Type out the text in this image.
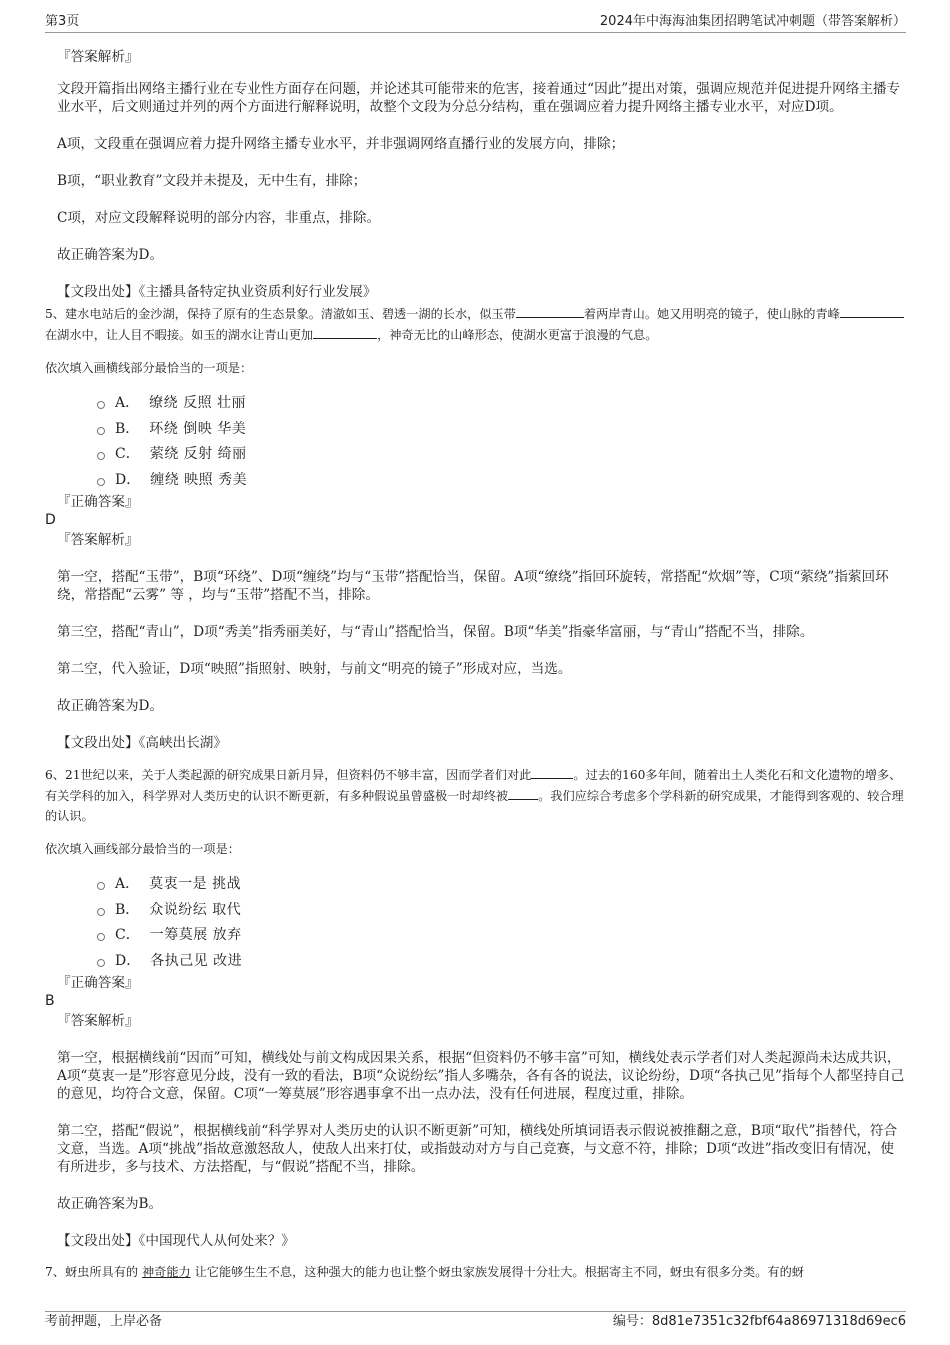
第3页	2024年中海海油集团招聘笔试冲刺题（带答案解析）

『答案解析』

文段开篇指出网络主播行业在专业性方面存在问题，并论述其可能带来的危害，接着通过“因此”提出对策，强调应规范并促进提升网络主播专业水平，后文则通过并列的两个方面进行解释说明，故整个文段为分总分结构，重在强调应着力提升网络主播专业水平，对应D项。

A项，文段重在强调应着力提升网络主播专业水平，并非强调网络直播行业的发展方向，排除；

B项，“职业教育”文段并未提及，无中生有，排除；

C项，对应文段解释说明的部分内容，非重点，排除。

故正确答案为D。

【文段出处】《主播具备特定执业资质利好行业发展》

5、建水电站后的金沙湖，保持了原有的生态景象。清澈如玉、碧透一湖的长水，似玉带	着两岸青山。她又用明亮的镜子，使山脉的青峰在湖水中，让人目不暇接。如玉的湖水让青山更加	，神奇无比的山峰形态，使湖水更富于浪漫的气息。
依次填入画横线部分最恰当的一项是：
A． 缭绕 反照 壮丽
B． 环绕 倒映 华美
C． 萦绕 反射 绮丽
D． 缠绕 映照 秀美

『正确答案』

D

『答案解析』

第一空，搭配“玉带”，B项“环绕”、D项“缠绕”均与“玉带”搭配恰当，保留。A项“缭绕”指回环旋转，常搭配“炊烟”等，C项“萦绕”指萦回环绕，常搭配“云雾” 等 ，均与“玉带”搭配不当，排除。

第三空，搭配“青山”，D项“秀美”指秀丽美好，与“青山”搭配恰当，保留。B项“华美”指豪华富丽，与“青山”搭配不当，排除。

第二空，代入验证，D项“映照”指照射、映射，与前文“明亮的镜子”形成对应，当选。

故正确答案为D。

【文段出处】《高峡出长湖》

6、21世纪以来，关于人类起源的研究成果日新月异，但资料仍不够丰富，因而学者们对此	。过去的160多年间，随着出土人类化石和文化遗物的增多、有关学科的加入，科学界对人类历史的认识不断更新，有多种假说虽曾盛极一时却终被 。我们应综合考虑多个学科新的研究成果，才能得到客观的、较合理的认识。
依次填入画线部分最恰当的一项是：
A． 莫衷一是 挑战
B． 众说纷纭 取代
C． 一筹莫展 放弃
D． 各执己见 改进

『正确答案』

B

『答案解析』

第一空，根据横线前“因而”可知，横线处与前文构成因果关系，根据“但资料仍不够丰富”可知，横线处表示学者们对人类起源尚未达成共识，A项“莫衷一是”形容意见分歧，没有一致的看法，B项“众说纷纭”指人多嘴杂，各有各的说法，议论纷纷，D项“各执己见”指每个人都坚持自己的意见，均符合文意，保留。C项“一筹莫展”形容遇事拿不出一点办法，没有任何进展，程度过重，排除。

第二空，搭配“假说”，根据横线前“科学界对人类历史的认识不断更新”可知，横线处所填词语表示假说被推翻之意，B项“取代”指替代，符合文意，当选。A项“挑战”指故意激怒敌人，使敌人出来打仗，或指鼓动对方与自己竞赛，与文意不符，排除；D项“改进”指改变旧有情况，使有所进步，多与技术、方法搭配，与“假说”搭配不当，排除。

故正确答案为B。

【文段出处】《中国现代人从何处来？》

7、蚜虫所具有的 神奇能力 让它能够生生不息，这种强大的能力也让整个蚜虫家族发展得十分壮大。根据寄主不同，蚜虫有很多分类。有的蚜
考前押题，上岸必备	编号：8d81e7351c32fbf64a86971318d69ec6
